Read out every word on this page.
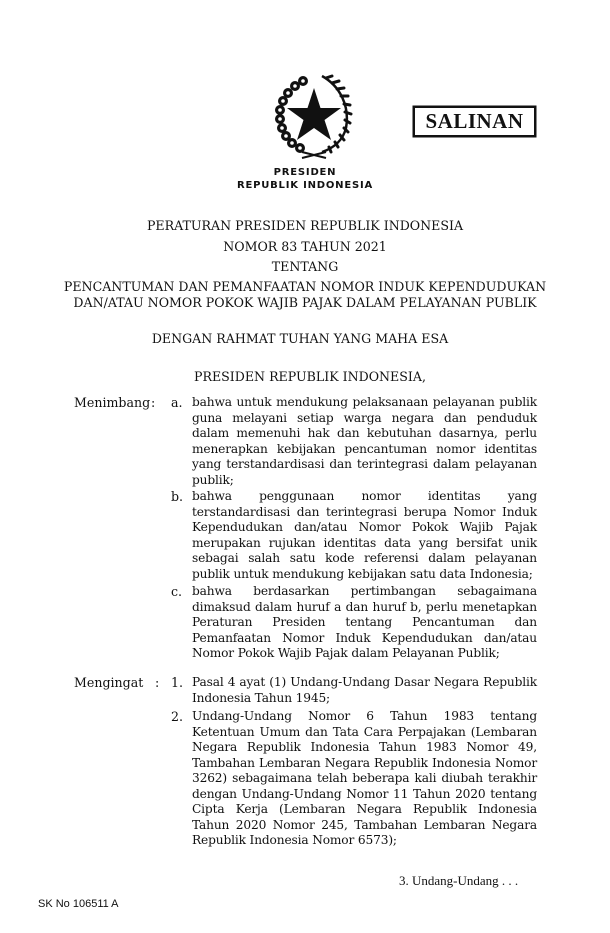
SALINAN
PRESIDEN
REPUBLIK INDONESIA
PERATURAN PRESIDEN REPUBLIK INDONESIA
NOMOR 83 TAHUN 2021
TENTANG
PENCANTUMAN DAN PEMANFAATAN NOMOR INDUK KEPENDUDUKAN
DAN/ATAU NOMOR POKOK WAJIB PAJAK DALAM PELAYANAN PUBLIK
DENGAN RAHMAT TUHAN YANG MAHA ESA
PRESIDEN REPUBLIK INDONESIA,
Menimbang : a. bahwa untuk mendukung pelaksanaan pelayanan publik guna melayani setiap warga negara dan penduduk dalam memenuhi hak dan kebutuhan dasarnya, perlu menerapkan kebijakan pencantuman nomor identitas yang terstandardisasi dan terintegrasi dalam pelayanan publik;
b. bahwa penggunaan nomor identitas yang terstandardisasi dan terintegrasi berupa Nomor Induk Kependudukan dan/atau Nomor Pokok Wajib Pajak merupakan rujukan identitas data yang bersifat unik sebagai salah satu kode referensi dalam pelayanan publik untuk mendukung kebijakan satu data Indonesia;
c. bahwa berdasarkan pertimbangan sebagaimana dimaksud dalam huruf a dan huruf b, perlu menetapkan Peraturan Presiden tentang Pencantuman dan Pemanfaatan Nomor Induk Kependudukan dan/atau Nomor Pokok Wajib Pajak dalam Pelayanan Publik;
Mengingat : 1. Pasal 4 ayat (1) Undang-Undang Dasar Negara Republik Indonesia Tahun 1945;
2. Undang-Undang Nomor 6 Tahun 1983 tentang Ketentuan Umum dan Tata Cara Perpajakan (Lembaran Negara Republik Indonesia Tahun 1983 Nomor 49, Tambahan Lembaran Negara Republik Indonesia Nomor 3262) sebagaimana telah beberapa kali diubah terakhir dengan Undang-Undang Nomor 11 Tahun 2020 tentang Cipta Kerja (Lembaran Negara Republik Indonesia Tahun 2020 Nomor 245, Tambahan Lembaran Negara Republik Indonesia Nomor 6573);
3. Undang-Undang . . .
SK No 106511 A
